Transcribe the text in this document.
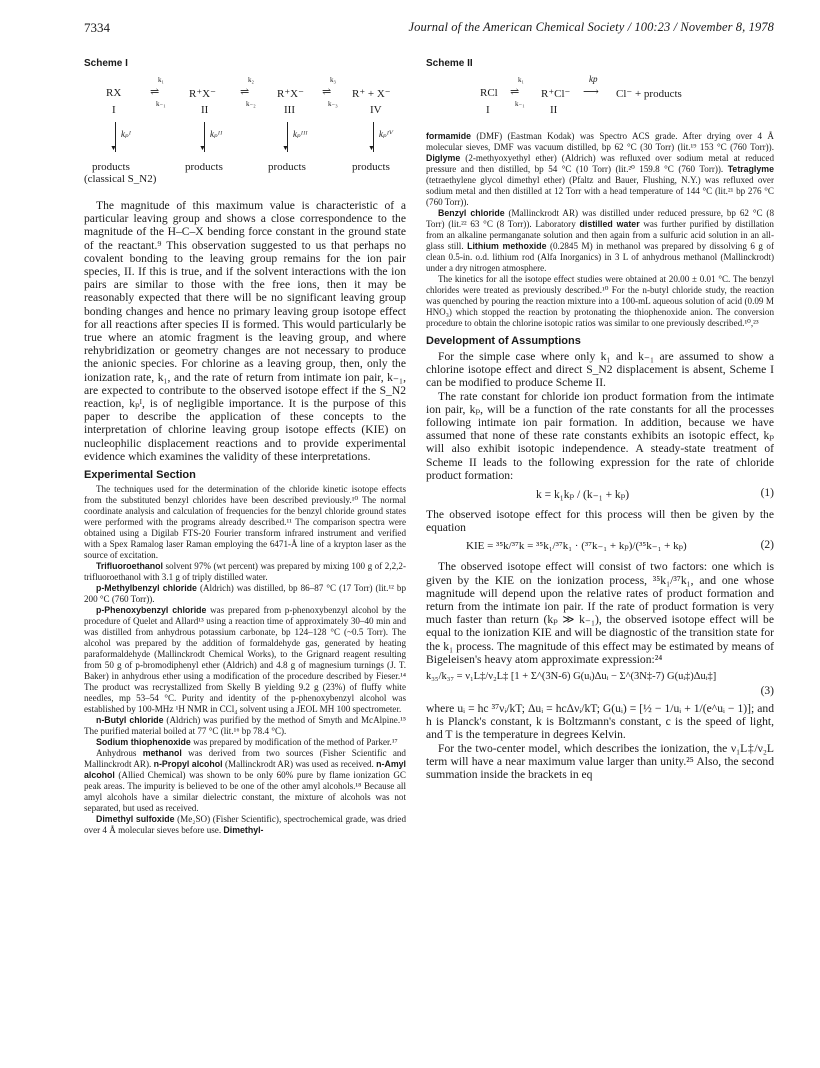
7334	Journal of the American Chemical Society / 100:23 / November 8, 1978
Scheme I
RX	R⁺X⁻	R⁺X⁻	R⁺ + X⁻
k₁
⇌
k₋₁
k₂
⇌
k₋₂
k₃
⇌
k₋₃
I	II	III	IV
▼
kₚᴵ
▼
kₚᴵᴵ
▼
kₚᴵᴵᴵ
▼
kₚᴵⱽ
products	products	products	products
(classical S_N2)

The magnitude of this maximum value is characteristic of a particular leaving group and shows a close correspondence to the magnitude of the H–C–X bending force constant in the ground state of the reactant.⁹ This observation suggested to us that perhaps no covalent bonding to the leaving group remains for the ion pair species, II. If this is true, and if the solvent interactions with the ion pairs are similar to those with the free ions, then it may be reasonably expected that there will be no significant leaving group bonding changes and hence no primary leaving group isotope effect for all reactions after species II is formed. This would particularly be true where an atomic fragment is the leaving group, and where rehybridization or geometry changes are not necessary to produce the anionic species. For chlorine as a leaving group, then, only the ionization rate, k₁, and the rate of return from intimate ion pair, k₋₁, are expected to contribute to the observed isotope effect if the S_N2 reaction, kₚᴵ, is of negligible importance. It is the purpose of this paper to describe the application of these concepts to the interpretation of chlorine leaving group isotope effects (KIE) on nucleophilic displacement reactions and to provide experimental evidence which examines the validity of these interpretations.

Experimental Section

The techniques used for the determination of the chloride kinetic isotope effects from the substituted benzyl chlorides have been described previously.¹⁰ The normal coordinate analysis and calculation of frequencies for the benzyl chloride ground states were performed with the programs already described.¹¹ The comparison spectra were obtained using a Digilab FTS-20 Fourier transform infrared instrument and verified with a Spex Ramalog laser Raman employing the 6471-Å line of a krypton laser as the source of excitation.

Trifluoroethanol solvent 97% (wt percent) was prepared by mixing 100 g of 2,2,2-trifluoroethanol with 3.1 g of triply distilled water.

p-Methylbenzyl chloride (Aldrich) was distilled, bp 86–87 °C (17 Torr) (lit.¹² bp 200 °C (760 Torr)).

p-Phenoxybenzyl chloride was prepared from p-phenoxybenzyl alcohol by the procedure of Quelet and Allard¹³ using a reaction time of approximately 30–40 min and was distilled from anhydrous potassium carbonate, bp 124–128 °C (~0.5 Torr). The alcohol was prepared by the addition of formaldehyde gas, generated by heating paraformaldehyde (Mallinckrodt Chemical Works), to the Grignard reagent resulting from 50 g of p-bromodiphenyl ether (Aldrich) and 4.8 g of magnesium turnings (J. T. Baker) in anhydrous ether using a modification of the procedure described by Fieser.¹⁴ The product was recrystallized from Skelly B yielding 9.2 g (23%) of fluffy white needles, mp 53–54 °C. Purity and identity of the p-phenoxybenzyl alcohol was established by 100-MHz ¹H NMR in CCl₄ solvent using a JEOL MH 100 spectrometer.

n-Butyl chloride (Aldrich) was purified by the method of Smyth and McAlpine.¹⁵ The purified material boiled at 77 °C (lit.¹⁶ bp 78.4 °C).

Sodium thiophenoxide was prepared by modification of the method of Parker.¹⁷

Anhydrous methanol was derived from two sources (Fisher Scientific and Mallinckrodt AR). n-Propyl alcohol (Mallinckrodt AR) was used as received. n-Amyl alcohol (Allied Chemical) was shown to be only 60% pure by flame ionization GC peak areas. The impurity is believed to be one of the other amyl alcohols.¹⁸ Because all amyl alcohols have a similar dielectric constant, the mixture of alcohols was not separated, but used as received.

Dimethyl sulfoxide (Me₂SO) (Fisher Scientific), spectrochemical grade, was dried over 4 Å molecular sieves before use. Dimethyl-

Scheme II
RCl
k₁
⇌
k₋₁
R⁺Cl⁻
kp
⟶ Cl⁻ + products
I	II

formamide (DMF) (Eastman Kodak) was Spectro ACS grade. After drying over 4 Å molecular sieves, DMF was vacuum distilled, bp 62 °C (30 Torr) (lit.¹⁹ 153 °C (760 Torr)). Diglyme (2-methyoxyethyl ether) (Aldrich) was refluxed over sodium metal at reduced pressure and then distilled, bp 54 °C (10 Torr) (lit.²⁰ 159.8 °C (760 Torr)). Tetraglyme (tetraethylene glycol dimethyl ether) (Pfaltz and Bauer, Flushing, N.Y.) was refluxed over sodium metal and then distilled at 12 Torr with a head temperature of 144 °C (lit.²¹ bp 276 °C (760 Torr)).

Benzyl chloride (Mallinckrodt AR) was distilled under reduced pressure, bp 62 °C (8 Torr) (lit.²² 63 °C (8 Torr)). Laboratory distilled water was further purified by distillation from an alkaline permanganate solution and then again from a sulfuric acid solution in an all-glass still. Lithium methoxide (0.2845 M) in methanol was prepared by dissolving 6 g of clean 0.5-in. o.d. lithium rod (Alfa Inorganics) in 3 L of anhydrous methanol (Mallinckrodt) under a dry nitrogen atmosphere.

The kinetics for all the isotope effect studies were obtained at 20.00 ± 0.01 °C. The benzyl chlorides were treated as previously described.¹⁰ For the n-butyl chloride study, the reaction was quenched by pouring the reaction mixture into a 100-mL aqueous solution of acid (0.09 M HNO₃) which stopped the reaction by protonating the thiophenoxide anion. The conversion procedure to obtain the chlorine isotopic ratios was similar to one previously described.¹⁰,²³

Development of Assumptions

For the simple case where only k₁ and k₋₁ are assumed to show a chlorine isotope effect and direct S_N2 displacement is absent, Scheme I can be modified to produce Scheme II.

The rate constant for chloride ion product formation from the intimate ion pair, kₚ, will be a function of the rate constants for all the processes following intimate ion pair formation. In addition, because we have assumed that none of these rate constants exhibits an isotopic effect, kₚ will also exhibit isotopic independence. A steady-state treatment of Scheme II leads to the following expression for the rate of chloride product formation:

k = k₁kₚ / (k₋₁ + kₚ)	(1)

The observed isotope effect for this process will then be given by the equation

KIE = ³⁵k/³⁷k = ³⁵k₁/³⁷k₁ · (³⁷k₋₁ + kₚ)/(³⁵k₋₁ + kₚ)	(2)

The observed isotope effect will consist of two factors: one which is given by the KIE on the ionization process, ³⁵k₁/³⁷k₁, and one whose magnitude will depend upon the relative rates of product formation and return from the intimate ion pair. If the rate of product formation is very much faster than return (kₚ ≫ k₋₁), the observed isotope effect will be equal to the ionization KIE and will be diagnostic of the transition state for the k₁ process. The magnitude of this effect may be estimated by means of Bigeleisen's heavy atom approximate expression:²⁴

k₃₅/k₃₇ = ν₁L‡/ν₂L‡ [1 + Σ^(3N-6) G(uᵢ)Δuᵢ − Σ^(3N‡-7) G(uᵢ‡)Δuᵢ‡]
(3)

where uᵢ = hc ³⁷νᵢ/kT; Δuᵢ = hcΔνᵢ/kT; G(uᵢ) = [½ − 1/uᵢ + 1/(e^uᵢ − 1)]; and h is Planck's constant, k is Boltzmann's constant, c is the speed of light, and T is the temperature in degrees Kelvin.

For the two-center model, which describes the ionization, the ν₁L‡/ν₂L term will have a near maximum value larger than unity.²⁵ Also, the second summation inside the brackets in eq
